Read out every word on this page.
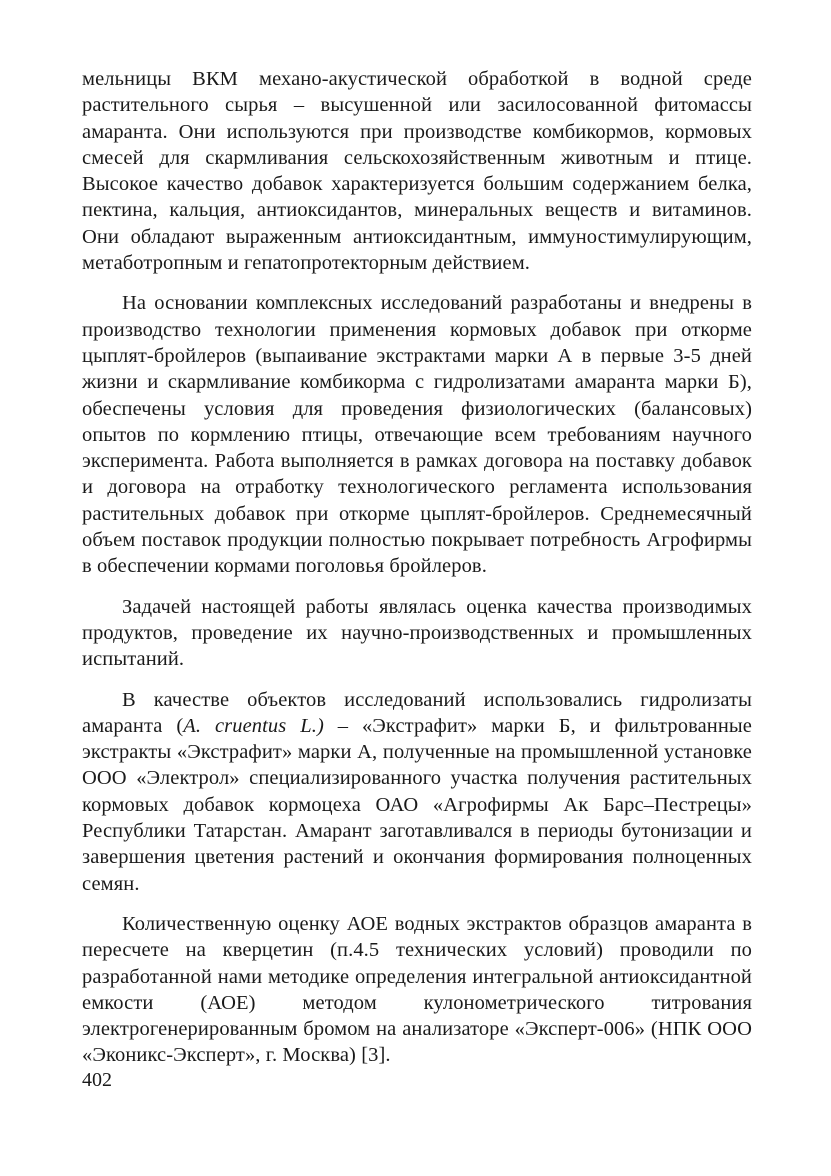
мельницы ВКМ механо-акустической обработкой в водной среде растительного сырья – высушенной или засилосованной фитомассы амаранта. Они используются при производстве комбикормов, кормовых смесей для скармливания сельскохозяйственным животным и птице. Высокое качество добавок характеризуется большим содержанием белка, пектина, кальция, антиоксидантов, минеральных веществ и витаминов. Они обладают выраженным антиоксидантным, иммуностимулирующим, метаботропным и гепатопротекторным действием.

На основании комплексных исследований разработаны и внедрены в производство технологии применения кормовых добавок при откорме цыплят-бройлеров (выпаивание экстрактами марки А в первые 3-5 дней жизни и скармливание комбикорма с гидролизатами амаранта марки Б), обеспечены условия для проведения физиологических (балансовых) опытов по кормлению птицы, отвечающие всем требованиям научного эксперимента. Работа выполняется в рамках договора на поставку добавок и договора на отработку технологического регламента использования растительных добавок при откорме цыплят-бройлеров. Среднемесячный объем поставок продукции полностью покрывает потребность Агрофирмы в обеспечении кормами поголовья бройлеров.

Задачей настоящей работы являлась оценка качества производимых продуктов, проведение их научно-производственных и промышленных испытаний.

В качестве объектов исследований использовались гидролизаты амаранта (A. cruentus L.) – «Экстрафит» марки Б, и фильтрованные экстракты «Экстрафит» марки А, полученные на промышленной установке ООО «Электрол» специализированного участка получения растительных кормовых добавок кормоцеха ОАО «Агрофирмы Ак Барс–Пестрецы» Республики Татарстан. Амарант заготавливался в периоды бутонизации и завершения цветения растений и окончания формирования полноценных семян.

Количественную оценку АОЕ водных экстрактов образцов амаранта в пересчете на кверцетин (п.4.5 технических условий) проводили по разработанной нами методике определения интегральной антиоксидантной емкости (АОЕ) методом кулонометрического титрования электрогенерированным бромом на анализаторе «Эксперт-006» (НПК ООО «Эконикс-Эксперт», г. Москва) [3].

402
